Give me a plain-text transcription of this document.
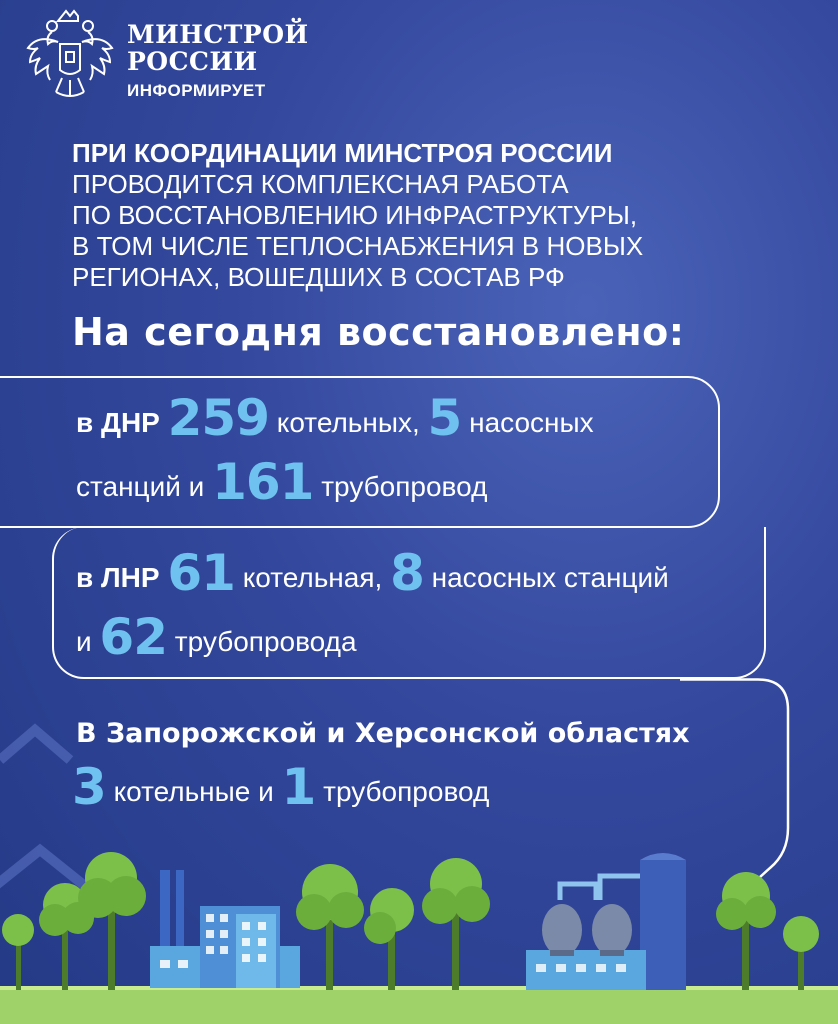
МИНСТРОЙ
РОССИИ
ИНФОРМИРУЕТ
ПРИ КООРДИНАЦИИ МИНСТРОЯ РОССИИ
ПРОВОДИТСЯ КОМПЛЕКСНАЯ РАБОТА
ПО ВОССТАНОВЛЕНИЮ ИНФРАСТРУКТУРЫ,
В ТОМ ЧИСЛЕ ТЕПЛОСНАБЖЕНИЯ В НОВЫХ
РЕГИОНАХ, ВОШЕДШИХ В СОСТАВ РФ
На сегодня восстановлено:
в ДНР 259 котельных, 5 насосных
станций и 161 трубопровод
в ЛНР 61 котельная, 8 насосных станций
и 62 трубопровода
В Запорожской и Херсонской областях
3 котельные и 1 трубопровод
